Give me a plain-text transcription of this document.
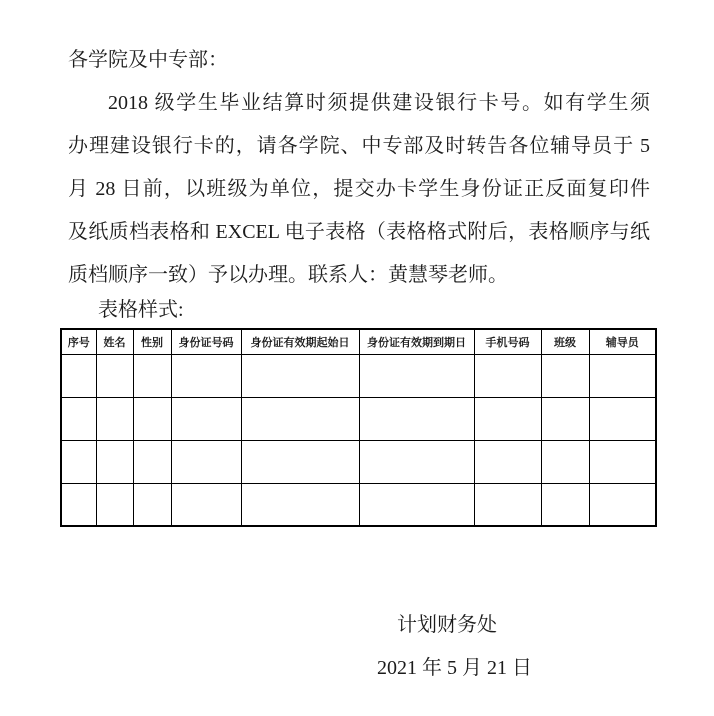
各学院及中专部：
2018 级学生毕业结算时须提供建设银行卡号。如有学生须
办理建设银行卡的，请各学院、中专部及时转告各位辅导员于 5
月 28 日前，以班级为单位，提交办卡学生身份证正反面复印件
及纸质档表格和 EXCEL 电子表格（表格格式附后，表格顺序与纸
质档顺序一致）予以办理。联系人：黄慧琴老师。
表格样式:
序号	姓名	性别	身份证号码	身份证有效期起始日	身份证有效期到期日	手机号码	班级	辅导员

计划财务处
2021 年 5 月 21 日
